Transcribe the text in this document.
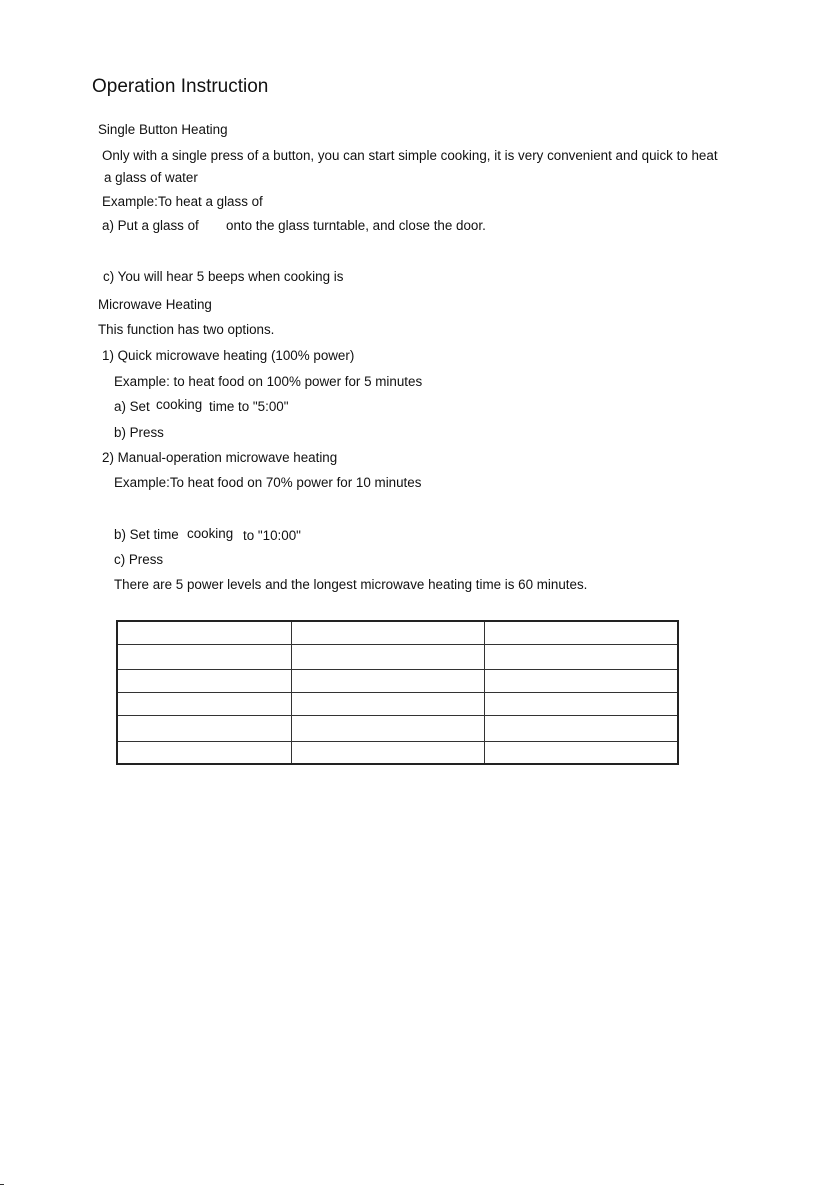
Operation Instruction
Single Button Heating
Only with a single press of a button, you can start simple cooking, it is very convenient and quick to heat
a glass of water
Example:To heat a glass of
a) Put a glass of onto the glass turntable, and close the door.
c) You will hear 5 beeps when cooking is
Microwave Heating
This function has two options.
1) Quick microwave heating (100% power)
Example: to heat food on 100% power for 5 minutes
a) Set cooking time to "5:00"
b) Press
2) Manual-operation microwave heating
Example:To heat food on 70% power for 10 minutes
b) Set time cooking to "10:00"
c) Press
There are 5 power levels and the longest microwave heating time is 60 minutes.
